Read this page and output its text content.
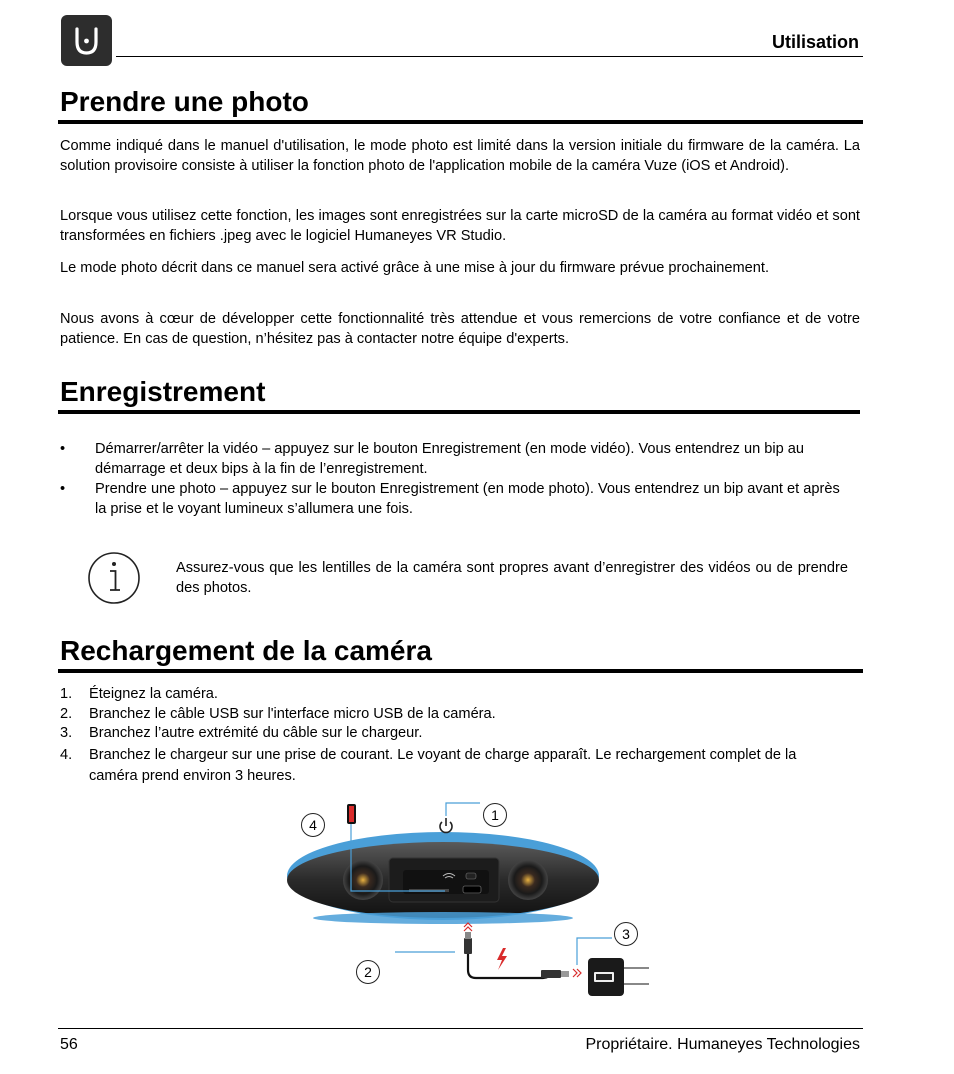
Utilisation
Prendre une photo

Comme indiqué dans le manuel d'utilisation, le mode photo est limité dans la version initiale du firmware de la caméra. La solution provisoire consiste à utiliser la fonction photo de l'application mobile de la caméra Vuze (iOS et Android).

Lorsque vous utilisez cette fonction, les images sont enregistrées sur la carte microSD de la caméra au format vidéo et sont transformées en fichiers .jpeg avec le logiciel Humaneyes VR Studio.

Le mode photo décrit dans ce manuel sera activé grâce à une mise à jour du firmware prévue prochainement.

Nous avons à cœur de développer cette fonctionnalité très attendue et vous remercions de votre confiance et de votre patience. En cas de question, n’hésitez pas à contacter notre équipe d'experts.

Enregistrement
• Démarrer/arrêter la vidéo – appuyez sur le bouton Enregistrement (en mode vidéo). Vous entendrez un bip au démarrage et deux bips à la fin de l’enregistrement.
• Prendre une photo – appuyez sur le bouton Enregistrement (en mode photo). Vous entendrez un bip avant et après la prise et le voyant lumineux s’allumera une fois.

Assurez-vous que les lentilles de la caméra sont propres avant d’enregistrer des vidéos ou de prendre des photos.

Rechargement de la caméra
1. Éteignez la caméra.
2. Branchez le câble USB sur l'interface micro USB de la caméra.
3. Branchez l’autre extrémité du câble sur le chargeur.
4. Branchez le chargeur sur une prise de courant. Le voyant de charge apparaît. Le rechargement complet de la caméra prend environ 3 heures.
1
2
3
4
56	Propriétaire. Humaneyes Technologies
